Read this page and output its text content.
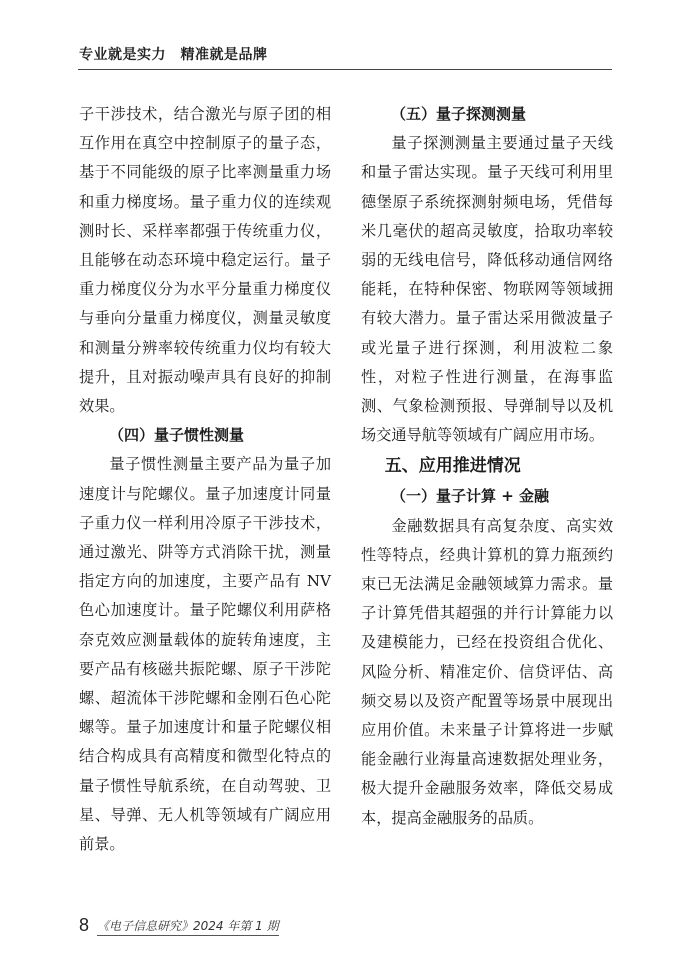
专业就是实力　精准就是品牌

子干涉技术，结合激光与原子团的相互作用在真空中控制原子的量子态，基于不同能级的原子比率测量重力场和重力梯度场。量子重力仪的连续观测时长、采样率都强于传统重力仪，且能够在动态环境中稳定运行。量子重力梯度仪分为水平分量重力梯度仪与垂向分量重力梯度仪，测量灵敏度和测量分辨率较传统重力仪均有较大提升，且对振动噪声具有良好的抑制效果。

（四）量子惯性测量

量子惯性测量主要产品为量子加速度计与陀螺仪。量子加速度计同量子重力仪一样利用冷原子干涉技术，通过激光、阱等方式消除干扰，测量指定方向的加速度，主要产品有 NV 色心加速度计。量子陀螺仪利用萨格奈克效应测量载体的旋转角速度，主要产品有核磁共振陀螺、原子干涉陀螺、超流体干涉陀螺和金刚石色心陀螺等。量子加速度计和量子陀螺仪相结合构成具有高精度和微型化特点的量子惯性导航系统，在自动驾驶、卫星、导弹、无人机等领域有广阔应用前景。

（五）量子探测测量

量子探测测量主要通过量子天线和量子雷达实现。量子天线可利用里德堡原子系统探测射频电场，凭借每米几毫伏的超高灵敏度，拾取功率较弱的无线电信号，降低移动通信网络能耗，在特种保密、物联网等领域拥有较大潜力。量子雷达采用微波量子或光量子进行探测，利用波粒二象性，对粒子性进行测量，在海事监测、气象检测预报、导弹制导以及机场交通导航等领域有广阔应用市场。

五、应用推进情况
（一）量子计算 + 金融

金融数据具有高复杂度、高实效性等特点，经典计算机的算力瓶颈约束已无法满足金融领域算力需求。量子计算凭借其超强的并行计算能力以及建模能力，已经在投资组合优化、风险分析、精准定价、信贷评估、高频交易以及资产配置等场景中展现出应用价值。未来量子计算将进一步赋能金融行业海量高速数据处理业务，极大提升金融服务效率，降低交易成本，提高金融服务的品质。

8 《电子信息研究》2024 年第 1 期
